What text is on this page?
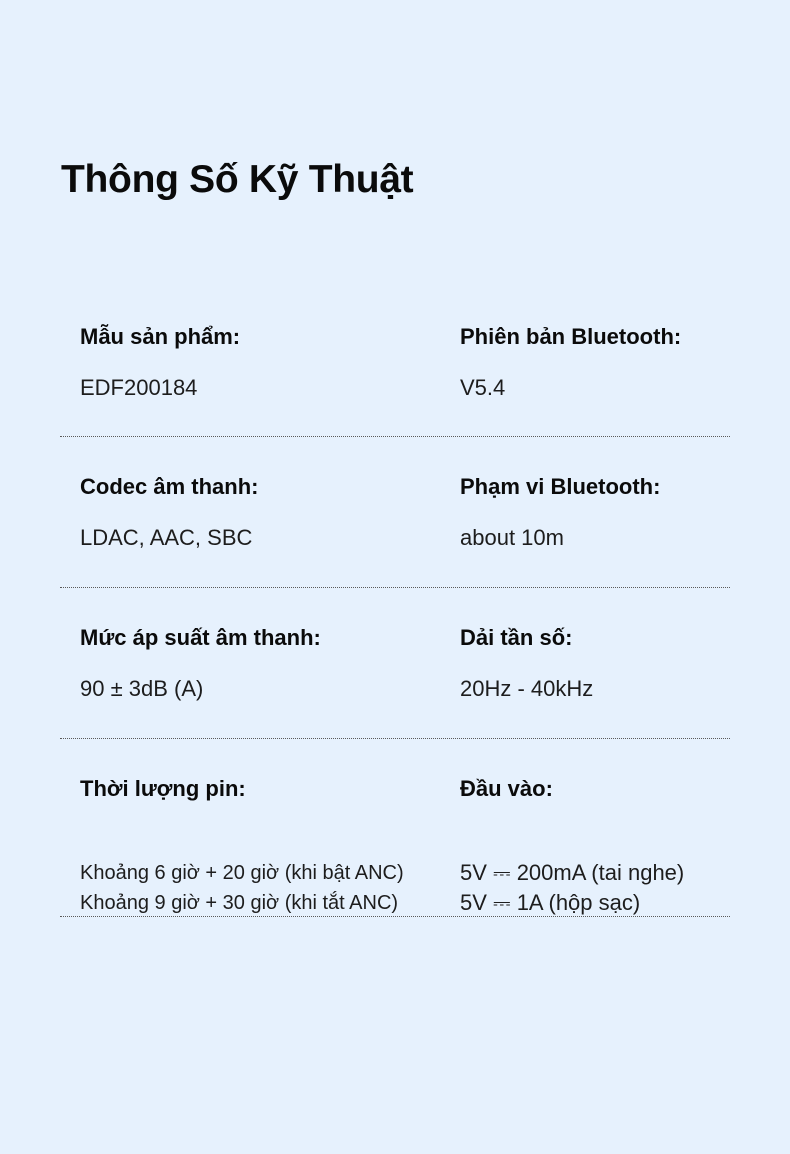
Thông Số Kỹ Thuật
Mẫu sản phẩm:
EDF200184
Phiên bản Bluetooth:
V5.4
Codec âm thanh:
LDAC, AAC, SBC
Phạm vi Bluetooth:
about 10m
Mức áp suất âm thanh:
90 ± 3dB (A)
Dải tần số:
20Hz - 40kHz
Thời lượng pin:
Khoảng 6 giờ + 20 giờ (khi bật ANC)
Khoảng 9 giờ + 30 giờ (khi tắt ANC)
Đầu vào:
5V ⎓ 200mA (tai nghe)
5V ⎓ 1A (hộp sạc)
